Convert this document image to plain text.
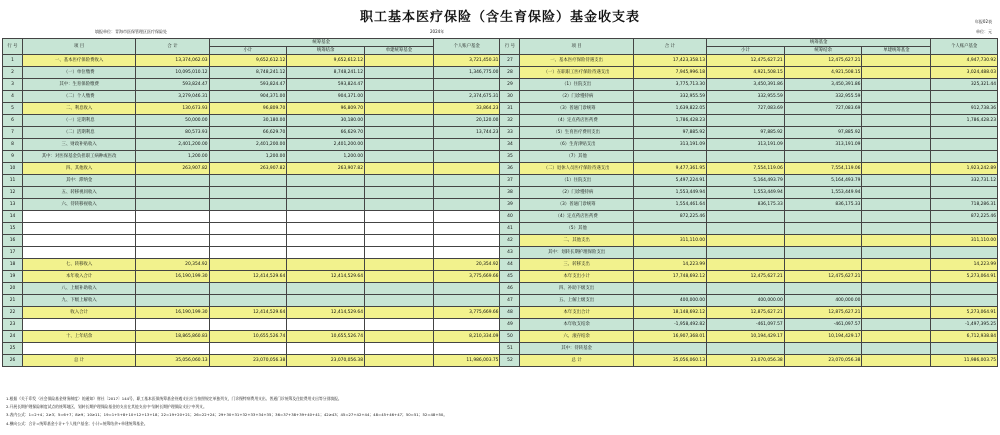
职工基本医疗保险（含生育保险）基金收支表	年报02表
填报单位：青海市医保管理区医疗保险处	2024年	单位：元
行 号	项 目	合 计	统筹基金			个人账户基金	行 号	项 目	合 计	统筹基金			个人账户基金
			小计	统筹结余	单建统筹基金					小计	统筹结余	单建统筹基金	
1	一、基本医疗保险费收入	13,374,062.03	9,652,612.12	9,652,612.12		3,721,450.31	27	一、基本医疗保险待遇支出	17,423,358.13	12,475,627.21	12,475,627.21		4,947,730.92
2	（一）单位缴费	10,095,010.12	8,748,241.12	8,748,241.12		1,346,775.00	28	（一）在职职工医疗保险待遇支出	7,945,996.18	4,921,508.15	4,921,508.15		3,024,488.03
3	其中：生育保险缴费	593,824.47	593,824.47	593,824.47			29	（1）住院支出	3,775,713.30	3,450,391.86	3,450,391.86		325,321.44
4	（二）个人缴费	3,279,046.31	904,371.00	904,371.00		2,374,675.31	30	（2）门诊慢特病	332,955.59	332,955.59	332,955.59		
5	二、利息收入	130,673.93	96,809.70	96,809.70		33,864.23	31	（3）普通门诊统筹	1,639,822.05	727,083.69	727,083.69		912,738.36
6	（一）定期利息	50,000.00	30,180.00	30,180.00		20,120.00	32	（4）定点药店医药费	1,786,428.23				1,786,428.23
7	（二）活期利息	80,573.93	66,629.70	66,629.70		13,744.23	33	（5）生育医疗费用支出	97,885.92	97,885.92	97,885.92		
8	三、财政补贴收入	2,401,200.00	2,401,200.00	2,401,200.00			34	（6）生育津贴支出	313,191.09	313,191.09	313,191.09		
9	其中：对医保基金负担职工病种或医改	1,200.00	1,200.00	1,200.00			35	（7）其他					
10	四、其他收入	263,907.82	263,907.82	263,907.82			36	（二）退休人员医疗保险待遇支出	9,477,361.95	7,554,119.06	7,554,119.06		1,923,242.89
11	其中：滞纳金						37	（1）住院支出	5,497,224.91	5,164,493.79	5,164,493.79		332,731.12
12	五、转移视同收入						38	（2）门诊慢特病	1,553,449.94	1,553,449.94	1,553,449.94		
13	六、待转移视收入						39	（3）普通门诊统筹	1,554,461.64	836,175.33	836,175.33		718,286.31
14							40	（4）定点药店医药费	872,225.46				872,225.46
15							41	（5）其他					
16							42	二、其他支出	311,110.00				311,110.00
17							43	其中：划转长期护理保险支出					
18	七、转移收入	20,354.92				20,354.92	44	三、转移支出	14,223.99				14,223.99
19	本年收入合计	16,190,199.30	12,414,529.64	12,414,529.64		3,775,669.66	45	本年支出小计	17,748,692.12	12,475,627.21	12,475,627.21		5,273,064.91
20	八、上级补助收入						46	四、补助下级支出					
21	九、下级上解收入						47	五、上解上级支出	400,000.00	400,000.00	400,000.00		
22	收入合计	16,190,199.30	12,414,529.64	12,414,529.64		3,775,669.66	48	本年支出合计	18,148,692.12	12,875,627.21	12,875,627.21		5,273,064.91
23							49	本年收支结余	-1,958,492.82	-461,097.57	-461,097.57		-1,497,395.25
24	十、上年结余	18,865,860.83	10,655,526.74	10,655,526.74		8,210,334.09	50	六、滚存结余	16,907,368.01	10,194,429.17	10,194,429.17		6,712,938.84
25							51	其中：待转基金					
26	总 计	35,056,060.13	23,070,056.38	23,070,056.38		11,986,003.75	52	总 计	35,056,060.13	23,070,056.38	23,070,056.38		11,986,003.75
1.根据《关于印发〈社会保险基金财务制度〉的通知》财社〔2017〕144号，职工基本医保统筹基金待遇支出应当按照规定单独列支，门诊慢特病费用支出、普通门诊统筹及住院费用支出等分别填报。
2.开展长期护理保险制度试点的统筹地区，划转长期护理保险基金的支出在其他支出中"划转长期护理保险支出"中列支。
3.表内公式：1=2+4；2≥3；5=6+7；8≥9；10≥11；19=1+5+8+10+12+13+18；22=19+20+21；26=22+24；29+30+31+32+33+34+35；36=37+38+39+40+41；42≥43；45=27+42+44；48=45+46+47；50=51；52=48+50。
4.横向公式：合计=统筹基金小计+个人账户基金；小计=统筹结余+单建统筹基金。
